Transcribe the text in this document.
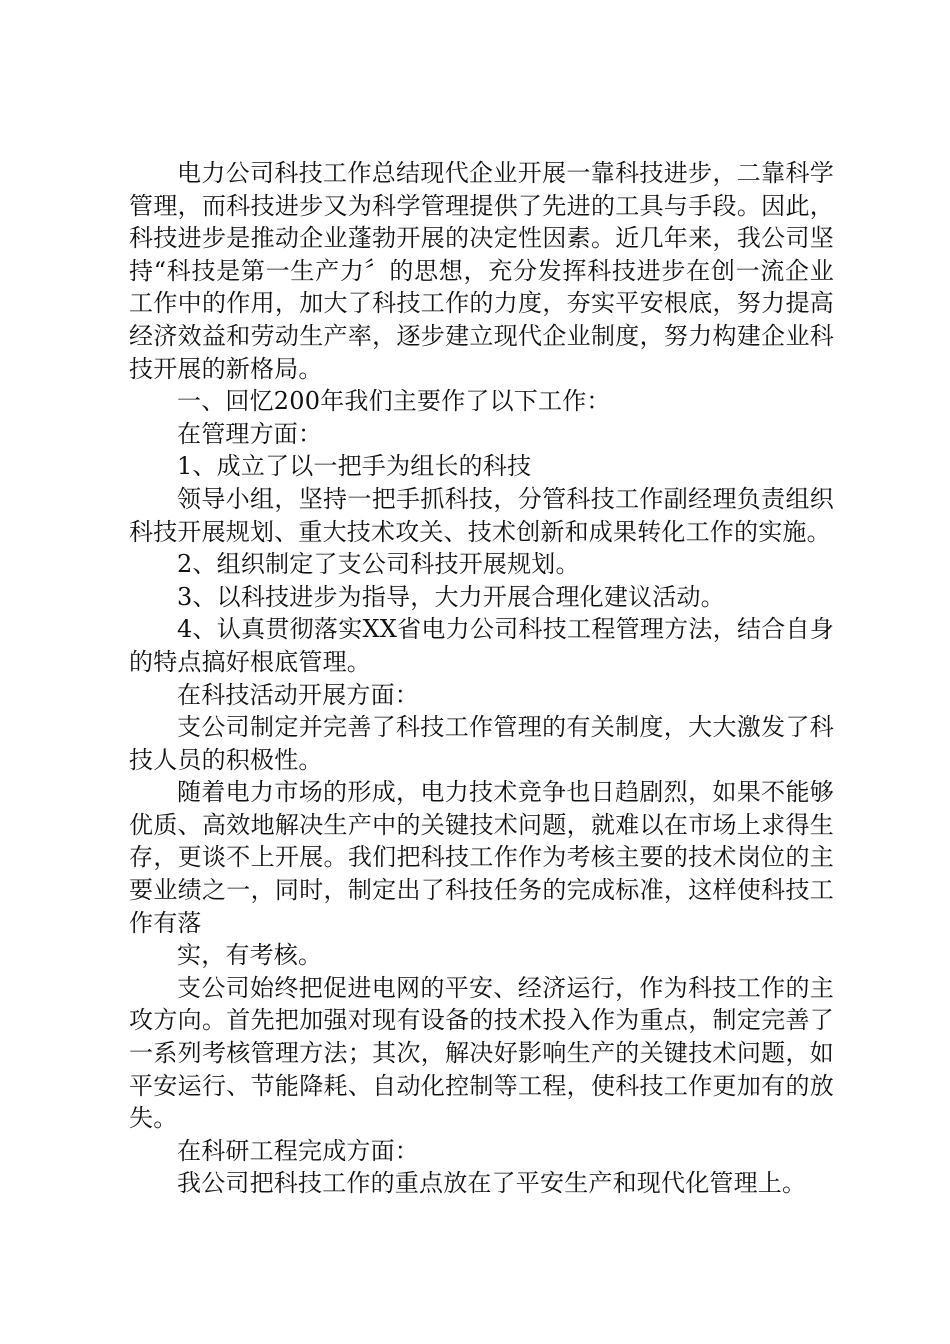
电力公司科技工作总结现代企业开展一靠科技进步，二靠科学管理，而科技进步又为科学管理提供了先进的工具与手段。因此，科技进步是推动企业蓬勃开展的决定性因素。近几年来，我公司坚持“科技是第一生产力〞的思想，充分发挥科技进步在创一流企业工作中的作用，加大了科技工作的力度，夯实平安根底，努力提高经济效益和劳动生产率，逐步建立现代企业制度，努力构建企业科技开展的新格局。

一、回忆200年我们主要作了以下工作：

在管理方面：

1、成立了以一把手为组长的科技

领导小组，坚持一把手抓科技，分管科技工作副经理负责组织科技开展规划、重大技术攻关、技术创新和成果转化工作的实施。

2、组织制定了支公司科技开展规划。

3、以科技进步为指导，大力开展合理化建议活动。

4、认真贯彻落实XX省电力公司科技工程管理方法，结合自身的特点搞好根底管理。

在科技活动开展方面：

支公司制定并完善了科技工作管理的有关制度，大大激发了科技人员的积极性。

随着电力市场的形成，电力技术竞争也日趋剧烈，如果不能够优质、高效地解决生产中的关键技术问题，就难以在市场上求得生存，更谈不上开展。我们把科技工作作为考核主要的技术岗位的主要业绩之一，同时，制定出了科技任务的完成标准，这样使科技工作有落

实，有考核。

支公司始终把促进电网的平安、经济运行，作为科技工作的主攻方向。首先把加强对现有设备的技术投入作为重点，制定完善了一系列考核管理方法；其次，解决好影响生产的关键技术问题，如平安运行、节能降耗、自动化控制等工程，使科技工作更加有的放失。

在科研工程完成方面：

我公司把科技工作的重点放在了平安生产和现代化管理上。
